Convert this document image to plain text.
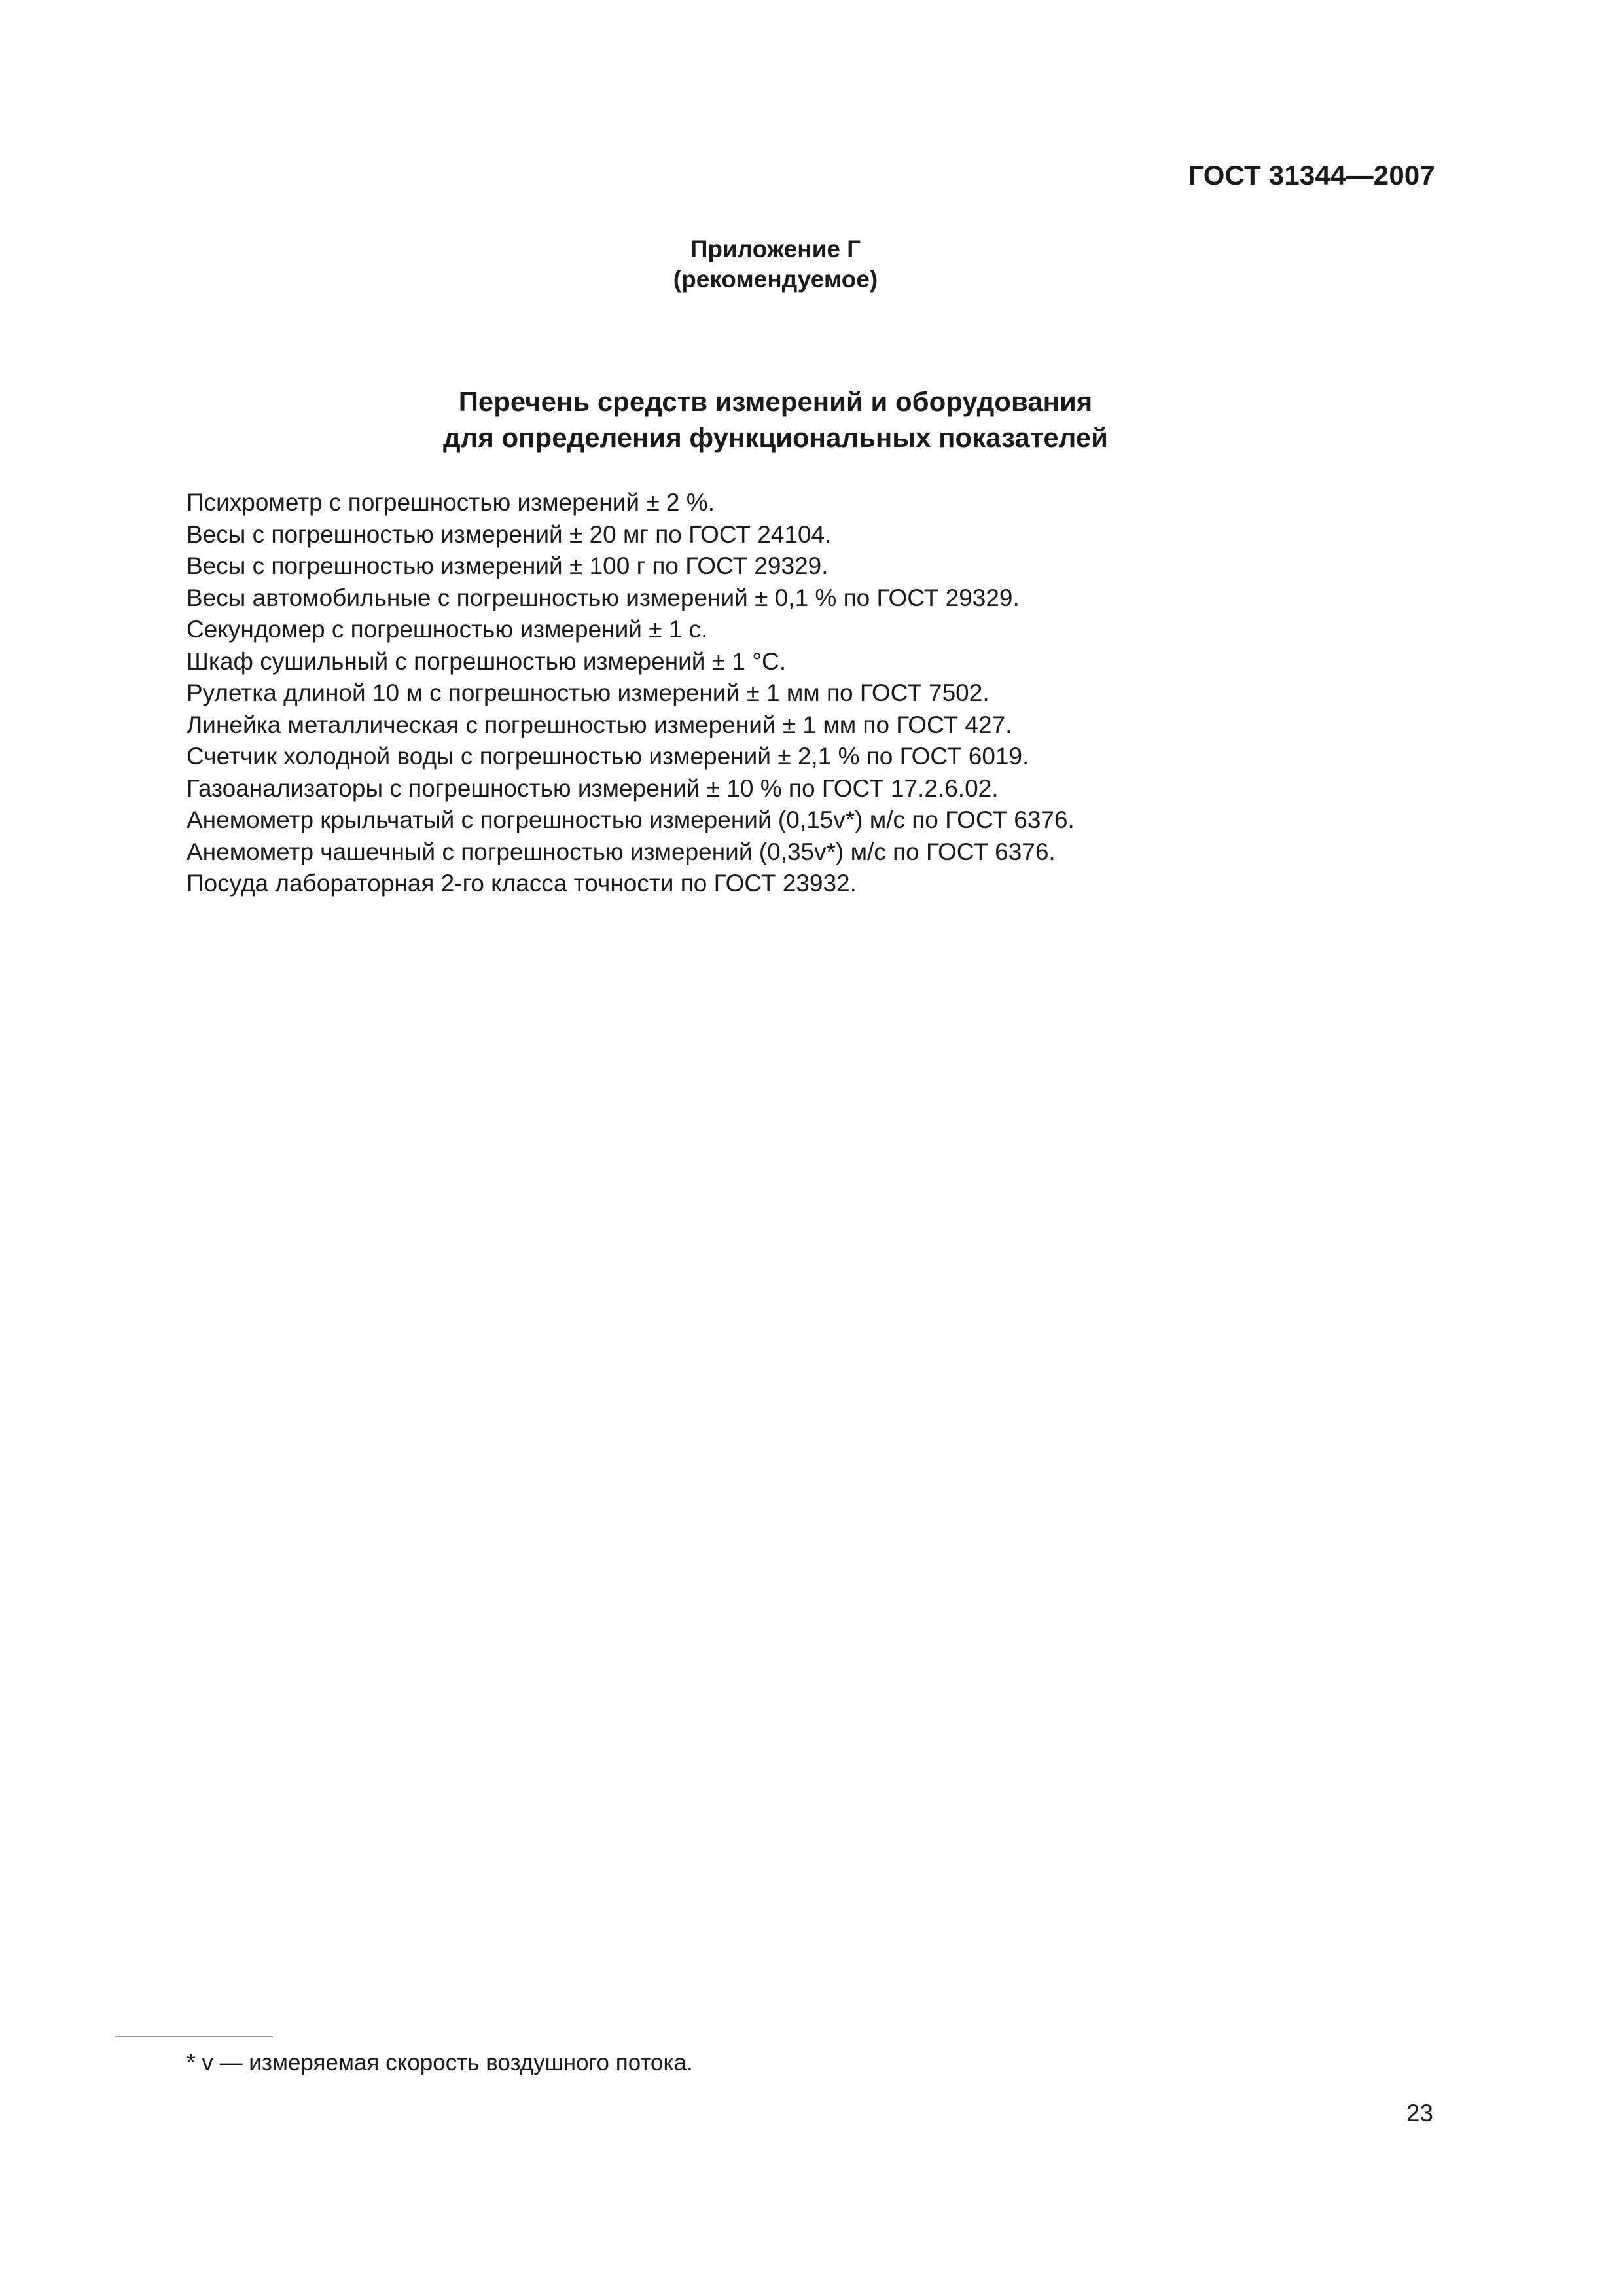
ГОСТ 31344—2007
Приложение Г
(рекомендуемое)
Перечень средств измерений и оборудования
для определения функциональных показателей
Психрометр с погрешностью измерений ± 2 %.
Весы с погрешностью измерений ± 20 мг по ГОСТ 24104.
Весы с погрешностью измерений ± 100 г по ГОСТ 29329.
Весы автомобильные с погрешностью измерений ± 0,1 % по ГОСТ 29329.
Секундомер с погрешностью измерений ± 1 с.
Шкаф сушильный с погрешностью измерений ± 1 °С.
Рулетка длиной 10 м с погрешностью измерений ± 1 мм по ГОСТ 7502.
Линейка металлическая с погрешностью измерений ± 1 мм по ГОСТ 427.
Счетчик холодной воды с погрешностью измерений ± 2,1 % по ГОСТ 6019.
Газоанализаторы с погрешностью измерений ± 10 % по ГОСТ 17.2.6.02.
Анемометр крыльчатый с погрешностью измерений (0,15v*) м/с по ГОСТ 6376.
Анемометр чашечный с погрешностью измерений (0,35v*) м/с по ГОСТ 6376.
Посуда лабораторная 2-го класса точности по ГОСТ 23932.
* v — измеряемая скорость воздушного потока.
23
